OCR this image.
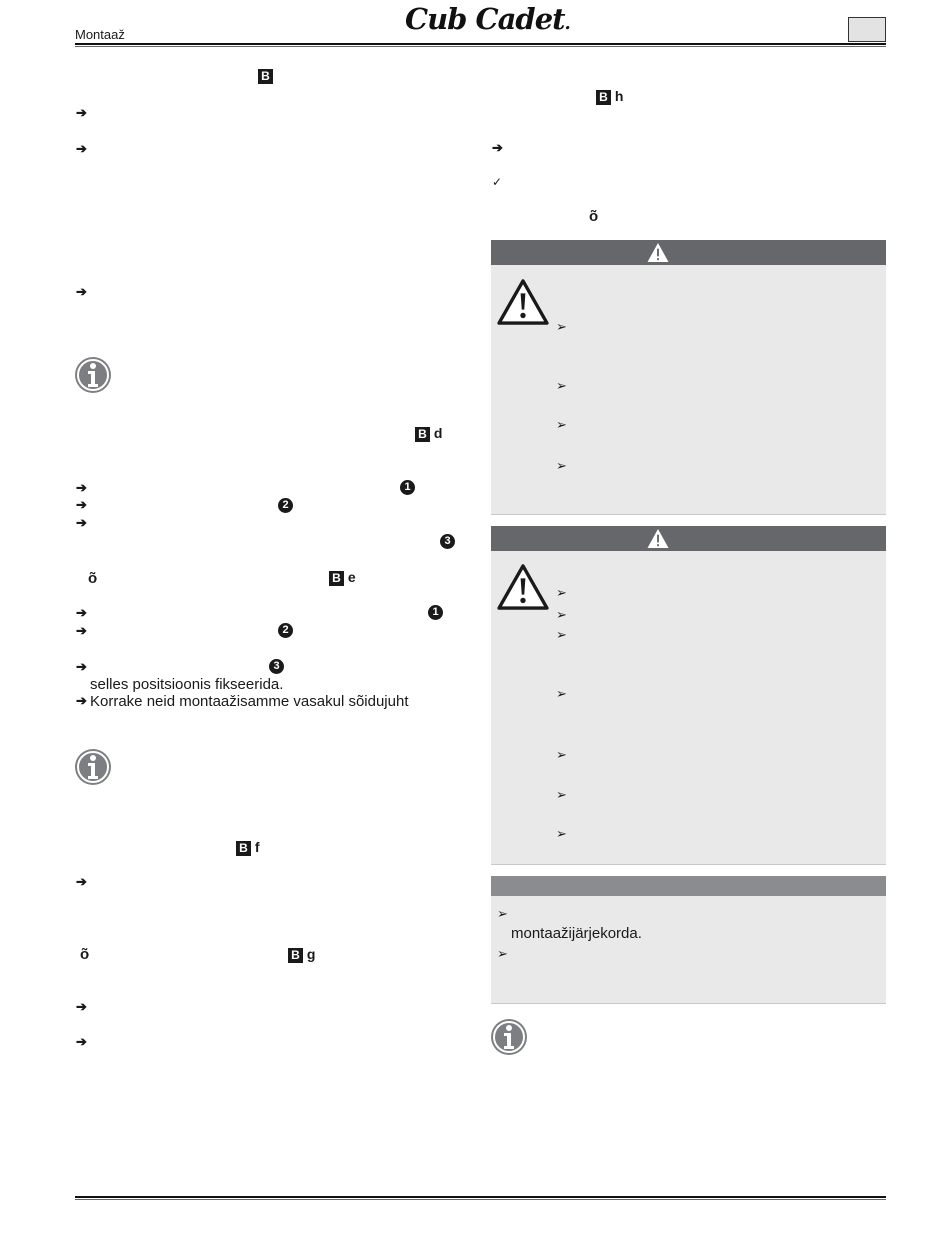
Montaaž	Cub Cadet.
B
➔
➔
➔
B d
➔	1
➔	2
➔
3
õ	B e
➔	1
➔	2
➔	3
selles positsioonis fikseerida.
➔ Korrake neid montaažisamme vasakul sõidujuht
B f
➔
õ	B g
➔
➔
B h
➔
✓
õ
➢
➢
➢
➢
➢
➢
➢
➢
➢
➢
➢
➢
montaažijärjekorda.
➢
